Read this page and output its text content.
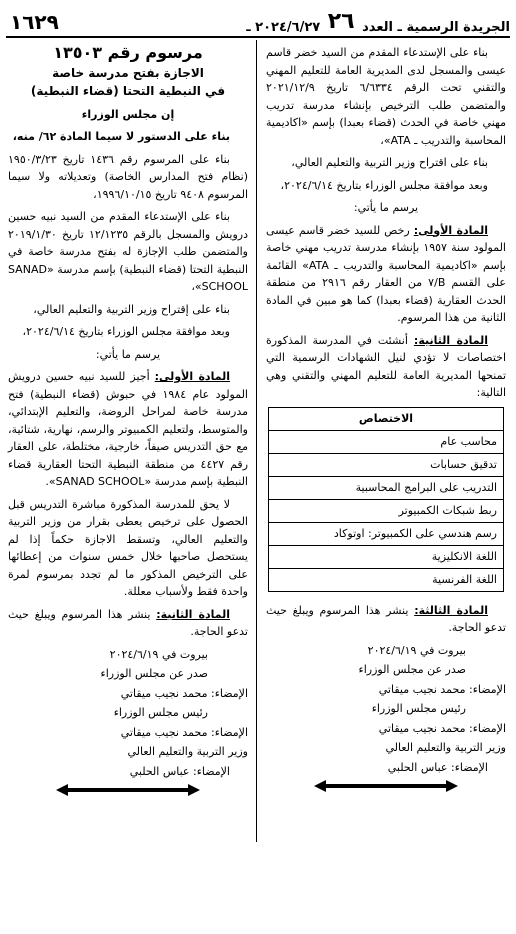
الجريدة الرسمية ـ العدد ٢٦ ٢٠٢٤/٦/٢٧ ـ
١٦٢٩

بناء على الإستدعاء المقدم من السيد خضر قاسم عيسى والمسجل لدى المديرية العامة للتعليم المهني والتقني تحت الرقم ٦/٦٣٣٤ تاريخ ٢٠٢١/١٢/٩ والمتضمن طلب الترخيص بإنشاء مدرسة تدريب مهني خاصة في الحدث (قضاء بعبدا) بإسم «اكاديمية المحاسبة والتدريب ـ ATA»،

بناء على اقتراح وزير التربية والتعليم العالي،

وبعد موافقة مجلس الوزراء بتاريخ ٢٠٢٤/٦/١٤،

يرسم ما يأتي:

المادة الأولى: رخص للسيد خضر قاسم عيسى المولود سنة ١٩٥٧ بإنشاء مدرسة تدريب مهني خاصة بإسم «اكاديمية المحاسبة والتدريب ـ ATA» القائمة على القسم B/٧ من العقار رقم ٢٩١٦ من منطقة الحدث العقارية (قضاء بعبدا) كما هو مبين في المادة الثانية من هذا المرسوم.

المادة الثانية: أنشئت في المدرسة المذكورة اختصاصات لا تؤدي لنيل الشهادات الرسمية التي تمنحها المديرية العامة للتعليم المهني والتقني وهي التالية:

الاختصاص
محاسب عام
تدقيق حسابات
التدريب على البرامج المحاسبية
ربط شبكات الكمبيوتر
رسم هندسي على الكمبيوتر: اوتوكاد
اللغة الانكليزية
اللغة الفرنسية

المادة الثالثة: ينشر هذا المرسوم ويبلغ حيث تدعو الحاجة.

بيروت في ٢٠٢٤/٦/١٩

صدر عن مجلس الوزراء

الإمضاء: محمد نجيب ميقاتي

رئيس مجلس الوزراء

الإمضاء: محمد نجيب ميقاتي

وزير التربية والتعليم العالي

الإمضاء: عباس الحلبي

مرسوم رقم ١٣٥٠٣

الاجازة بفتح مدرسة خاصة

في النبطية التحتا (قضاء النبطية)

إن مجلس الوزراء

بناء على الدستور لا سيما المادة ٦٢/ منه،

بناء على المرسوم رقم ١٤٣٦ تاريخ ١٩٥٠/٣/٢٣ (نظام فتح المدارس الخاصة) وتعديلاته ولا سيما المرسوم ٩٤٠٨ تاريخ ١٩٩٦/١٠/١٥،

بناء على الإستدعاء المقدم من السيد نبيه حسين درويش والمسجل بالرقم ١٢/١٢٣٥ تاريخ ٢٠١٩/١/٣٠ والمتضمن طلب الإجازة له بفتح مدرسة خاصة في النبطية التحتا (قضاء النبطية) بإسم مدرسة «SANAD SCHOOL»،

بناء على إقتراح وزير التربية والتعليم العالي،

وبعد موافقة مجلس الوزراء بتاريخ ٢٠٢٤/٦/١٤،

يرسم ما يأتي:

المادة الأولى: أجيز للسيد نبيه حسين درويش المولود عام ١٩٨٤ في حبوش (قضاء النبطية) فتح مدرسة خاصة لمراحل الروضة، والتعليم الإبتدائي، والمتوسط، ولتعليم الكمبيوتر والرسم، نهارية، شتائية، مع حق التدريس صيفاً، خارجية، مختلطة، على العقار رقم ٤٤٢٧ من منطقة النبطية التحتا العقارية قضاء النبطية بإسم مدرسة «SANAD SCHOOL».

لا يحق للمدرسة المذكورة مباشرة التدريس قبل الحصول على ترخيص يعطى بقرار من وزير التربية والتعليم العالي، وتسقط الاجازة حكماً إذا لم يستحصل صاحبها خلال خمس سنوات من إعطائها على الترخيص المذكور ما لم تجدد بمرسوم لمرة واحدة فقط ولأسباب معللة.

المادة الثانية: ينشر هذا المرسوم ويبلغ حيث تدعو الحاجة.

بيروت في ٢٠٢٤/٦/١٩

صدر عن مجلس الوزراء

الإمضاء: محمد نجيب ميقاتي

رئيس مجلس الوزراء

الإمضاء: محمد نجيب ميقاتي

وزير التربية والتعليم العالي

الإمضاء: عباس الحلبي
